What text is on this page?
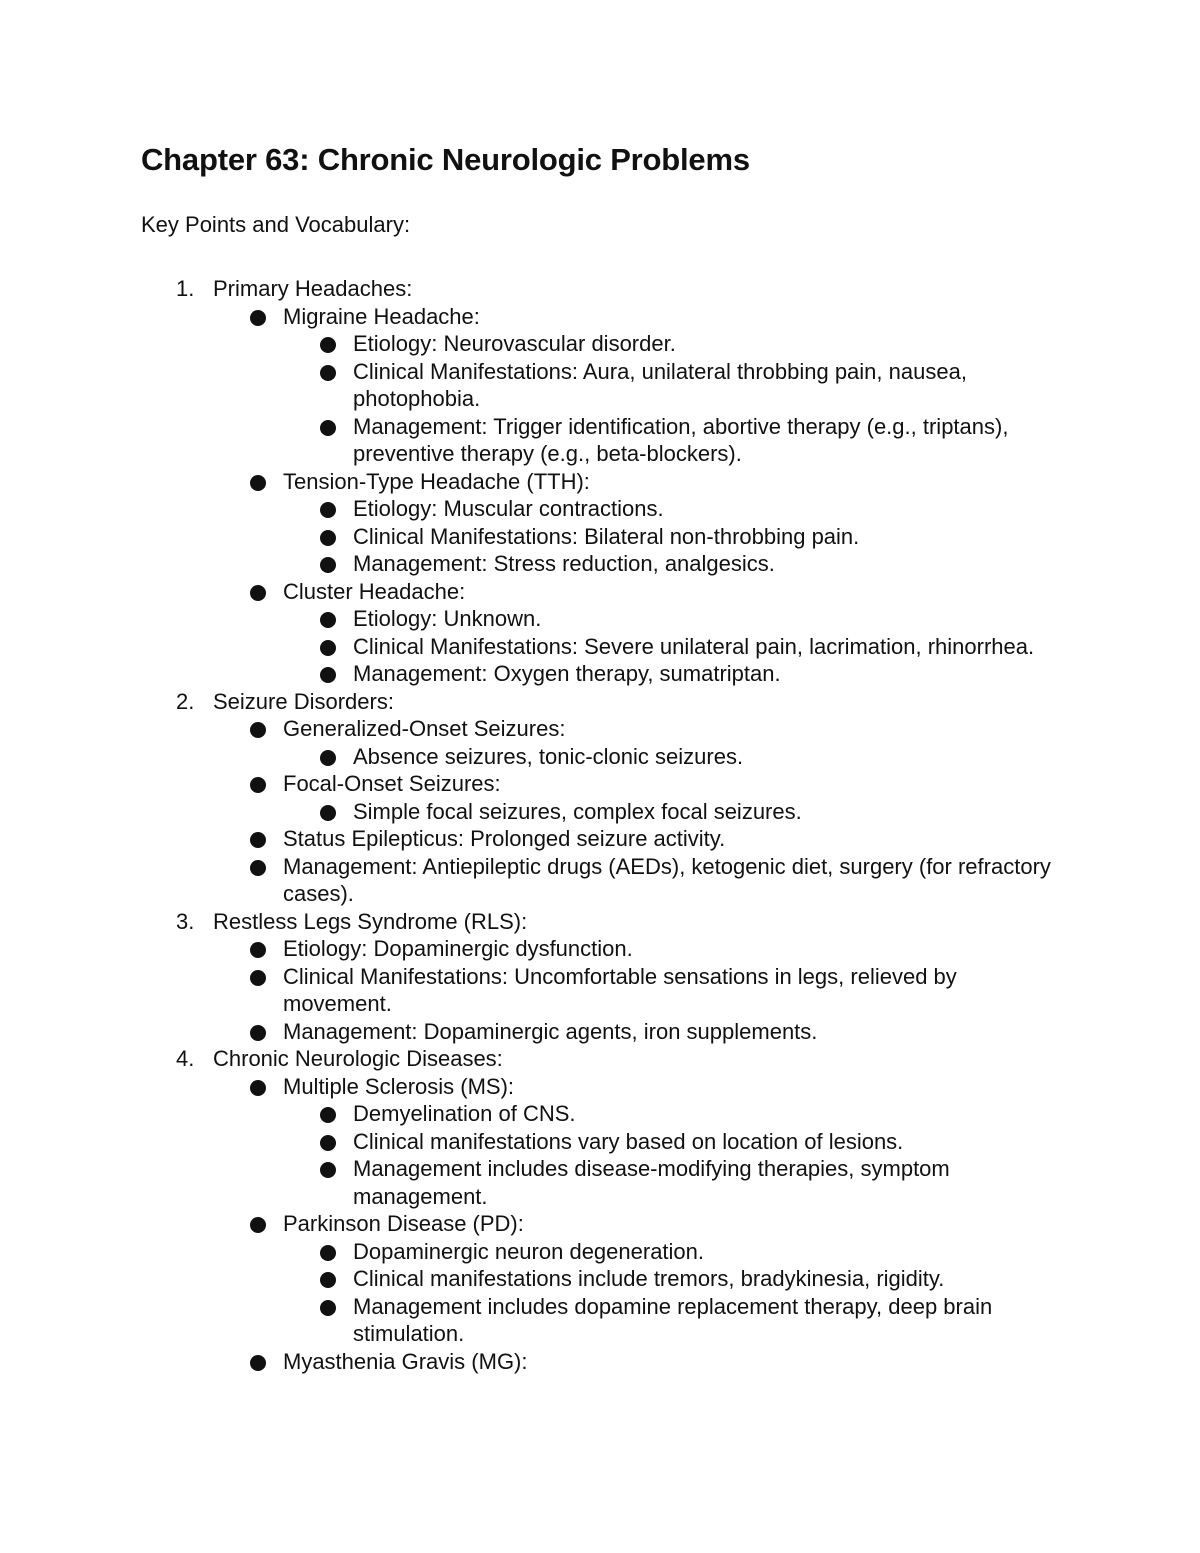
Chapter 63: Chronic Neurologic Problems

Key Points and Vocabulary:

1. Primary Headaches:
Migraine Headache:
Etiology: Neurovascular disorder.
Clinical Manifestations: Aura, unilateral throbbing pain, nausea, photophobia.
Management: Trigger identification, abortive therapy (e.g., triptans), preventive therapy (e.g., beta-blockers).
Tension-Type Headache (TTH):
Etiology: Muscular contractions.
Clinical Manifestations: Bilateral non-throbbing pain.
Management: Stress reduction, analgesics.
Cluster Headache:
Etiology: Unknown.
Clinical Manifestations: Severe unilateral pain, lacrimation, rhinorrhea.
Management: Oxygen therapy, sumatriptan.
2. Seizure Disorders:
Generalized-Onset Seizures:
Absence seizures, tonic-clonic seizures.
Focal-Onset Seizures:
Simple focal seizures, complex focal seizures.
Status Epilepticus: Prolonged seizure activity.
Management: Antiepileptic drugs (AEDs), ketogenic diet, surgery (for refractory cases).
3. Restless Legs Syndrome (RLS):
Etiology: Dopaminergic dysfunction.
Clinical Manifestations: Uncomfortable sensations in legs, relieved by movement.
Management: Dopaminergic agents, iron supplements.
4. Chronic Neurologic Diseases:
Multiple Sclerosis (MS):
Demyelination of CNS.
Clinical manifestations vary based on location of lesions.
Management includes disease-modifying therapies, symptom management.
Parkinson Disease (PD):
Dopaminergic neuron degeneration.
Clinical manifestations include tremors, bradykinesia, rigidity.
Management includes dopamine replacement therapy, deep brain stimulation.
Myasthenia Gravis (MG):
